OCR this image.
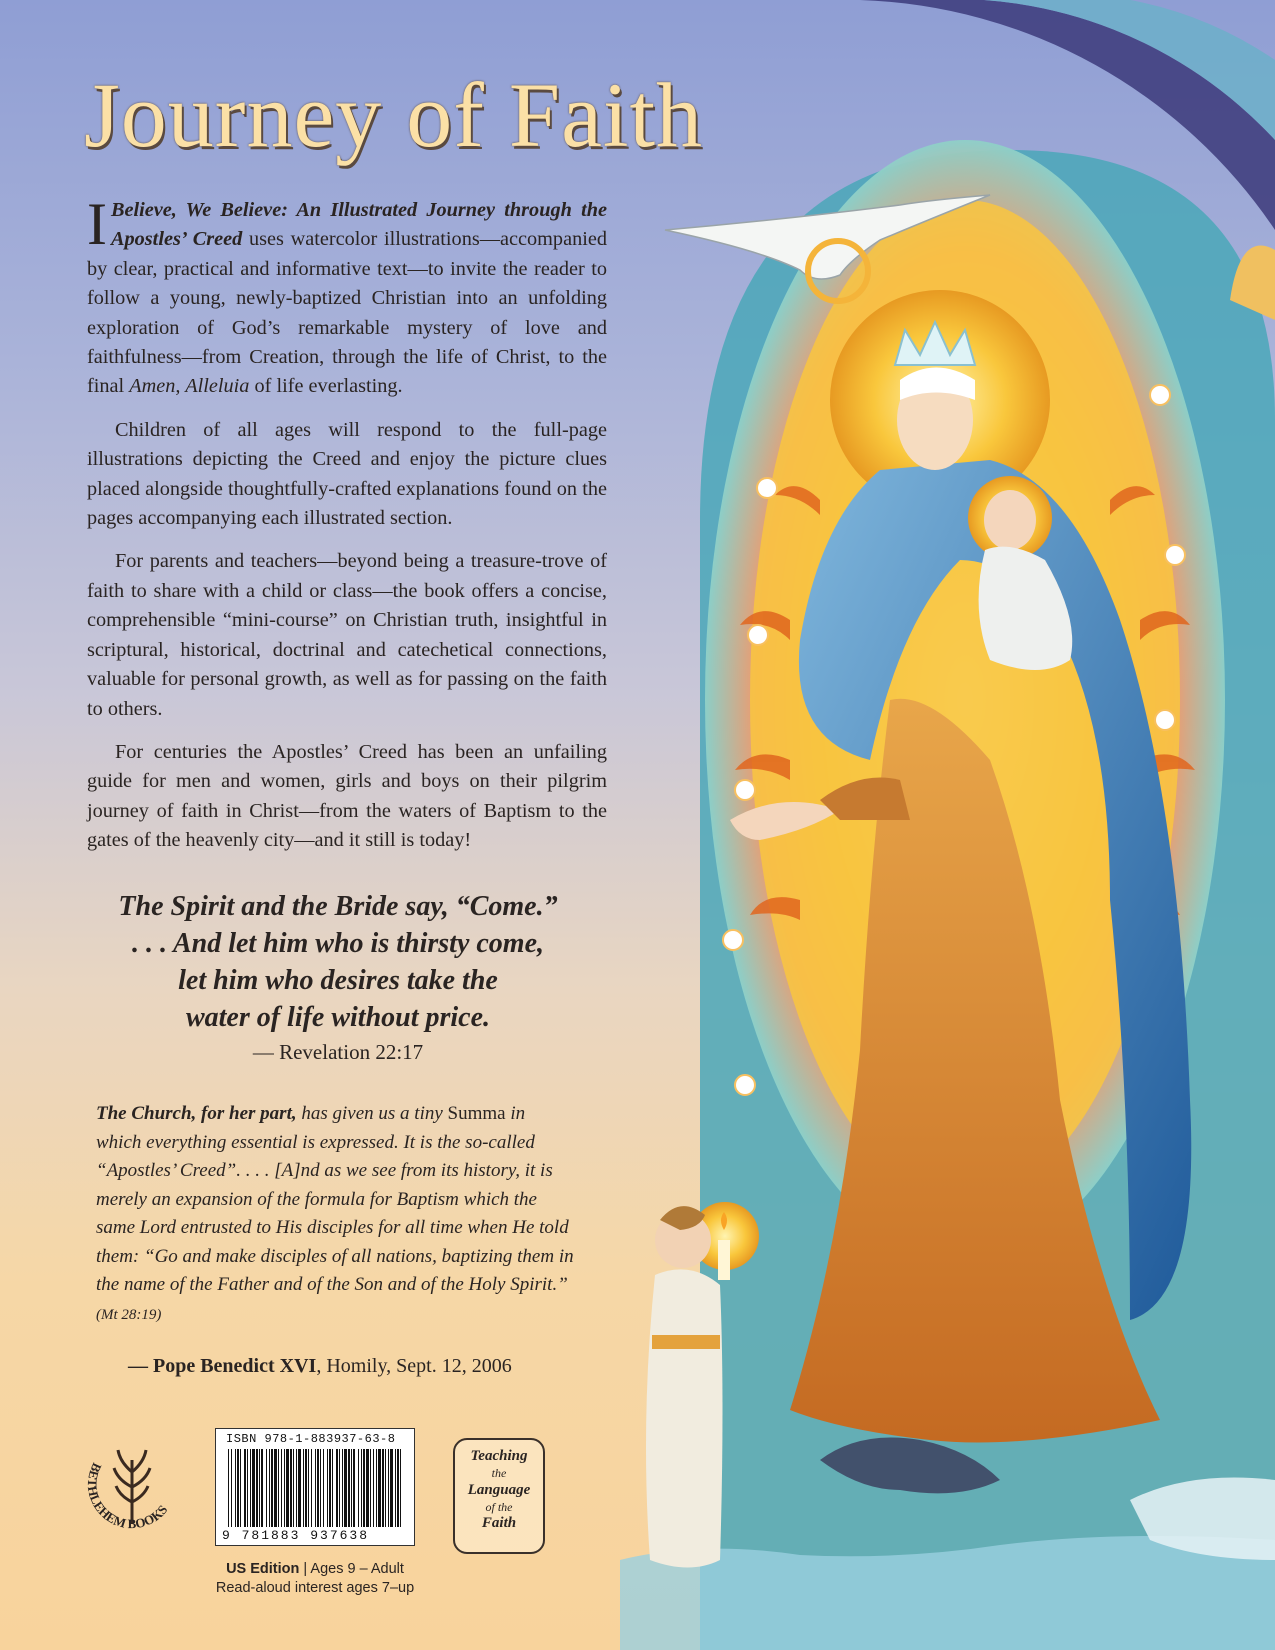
Journey of Faith

I Believe, We Believe: An Illustrated Journey through the Apostles’ Creed uses watercolor illustrations—accompanied by clear, practical and informative text—to invite the reader to follow a young, newly-baptized Christian into an unfolding exploration of God’s remarkable mystery of love and faithfulness—from Creation, through the life of Christ, to the final Amen, Alleluia of life everlasting.

Children of all ages will respond to the full-page illustrations depicting the Creed and enjoy the picture clues placed alongside thoughtfully-crafted explanations found on the pages accompanying each illustrated section.

For parents and teachers—beyond being a treasure-trove of faith to share with a child or class—the book offers a concise, comprehensible “mini-course” on Christian truth, insightful in scriptural, historical, doctrinal and catechetical connections, valuable for personal growth, as well as for passing on the faith to others.

For centuries the Apostles’ Creed has been an unfailing guide for men and women, girls and boys on their pilgrim journey of faith in Christ—from the waters of Baptism to the gates of the heavenly city—and it still is today!

The Spirit and the Bride say, “Come.”
. . . And let him who is thirsty come,
let him who desires take the
water of life without price.
— Revelation 22:17
The Church, for her part, has given us a tiny Summa in which everything essential is expressed. It is the so-called “Apostles’ Creed”. . . . [A]nd as we see from its history, it is merely an expansion of the formula for Baptism which the same Lord entrusted to His disciples for all time when He told them: “Go and make disciples of all nations, baptizing them in the name of the Father and of the Son and of the Holy Spirit.” (Mt 28:19)
— Pope Benedict XVI, Homily, Sept. 12, 2006
BETHLEHEM BOOKS
ISBN 978-1-883937-63-8
9 781883 937638
Teaching
the
Language
of the
Faith
US Edition | Ages 9 – Adult
Read-aloud interest ages 7–up
